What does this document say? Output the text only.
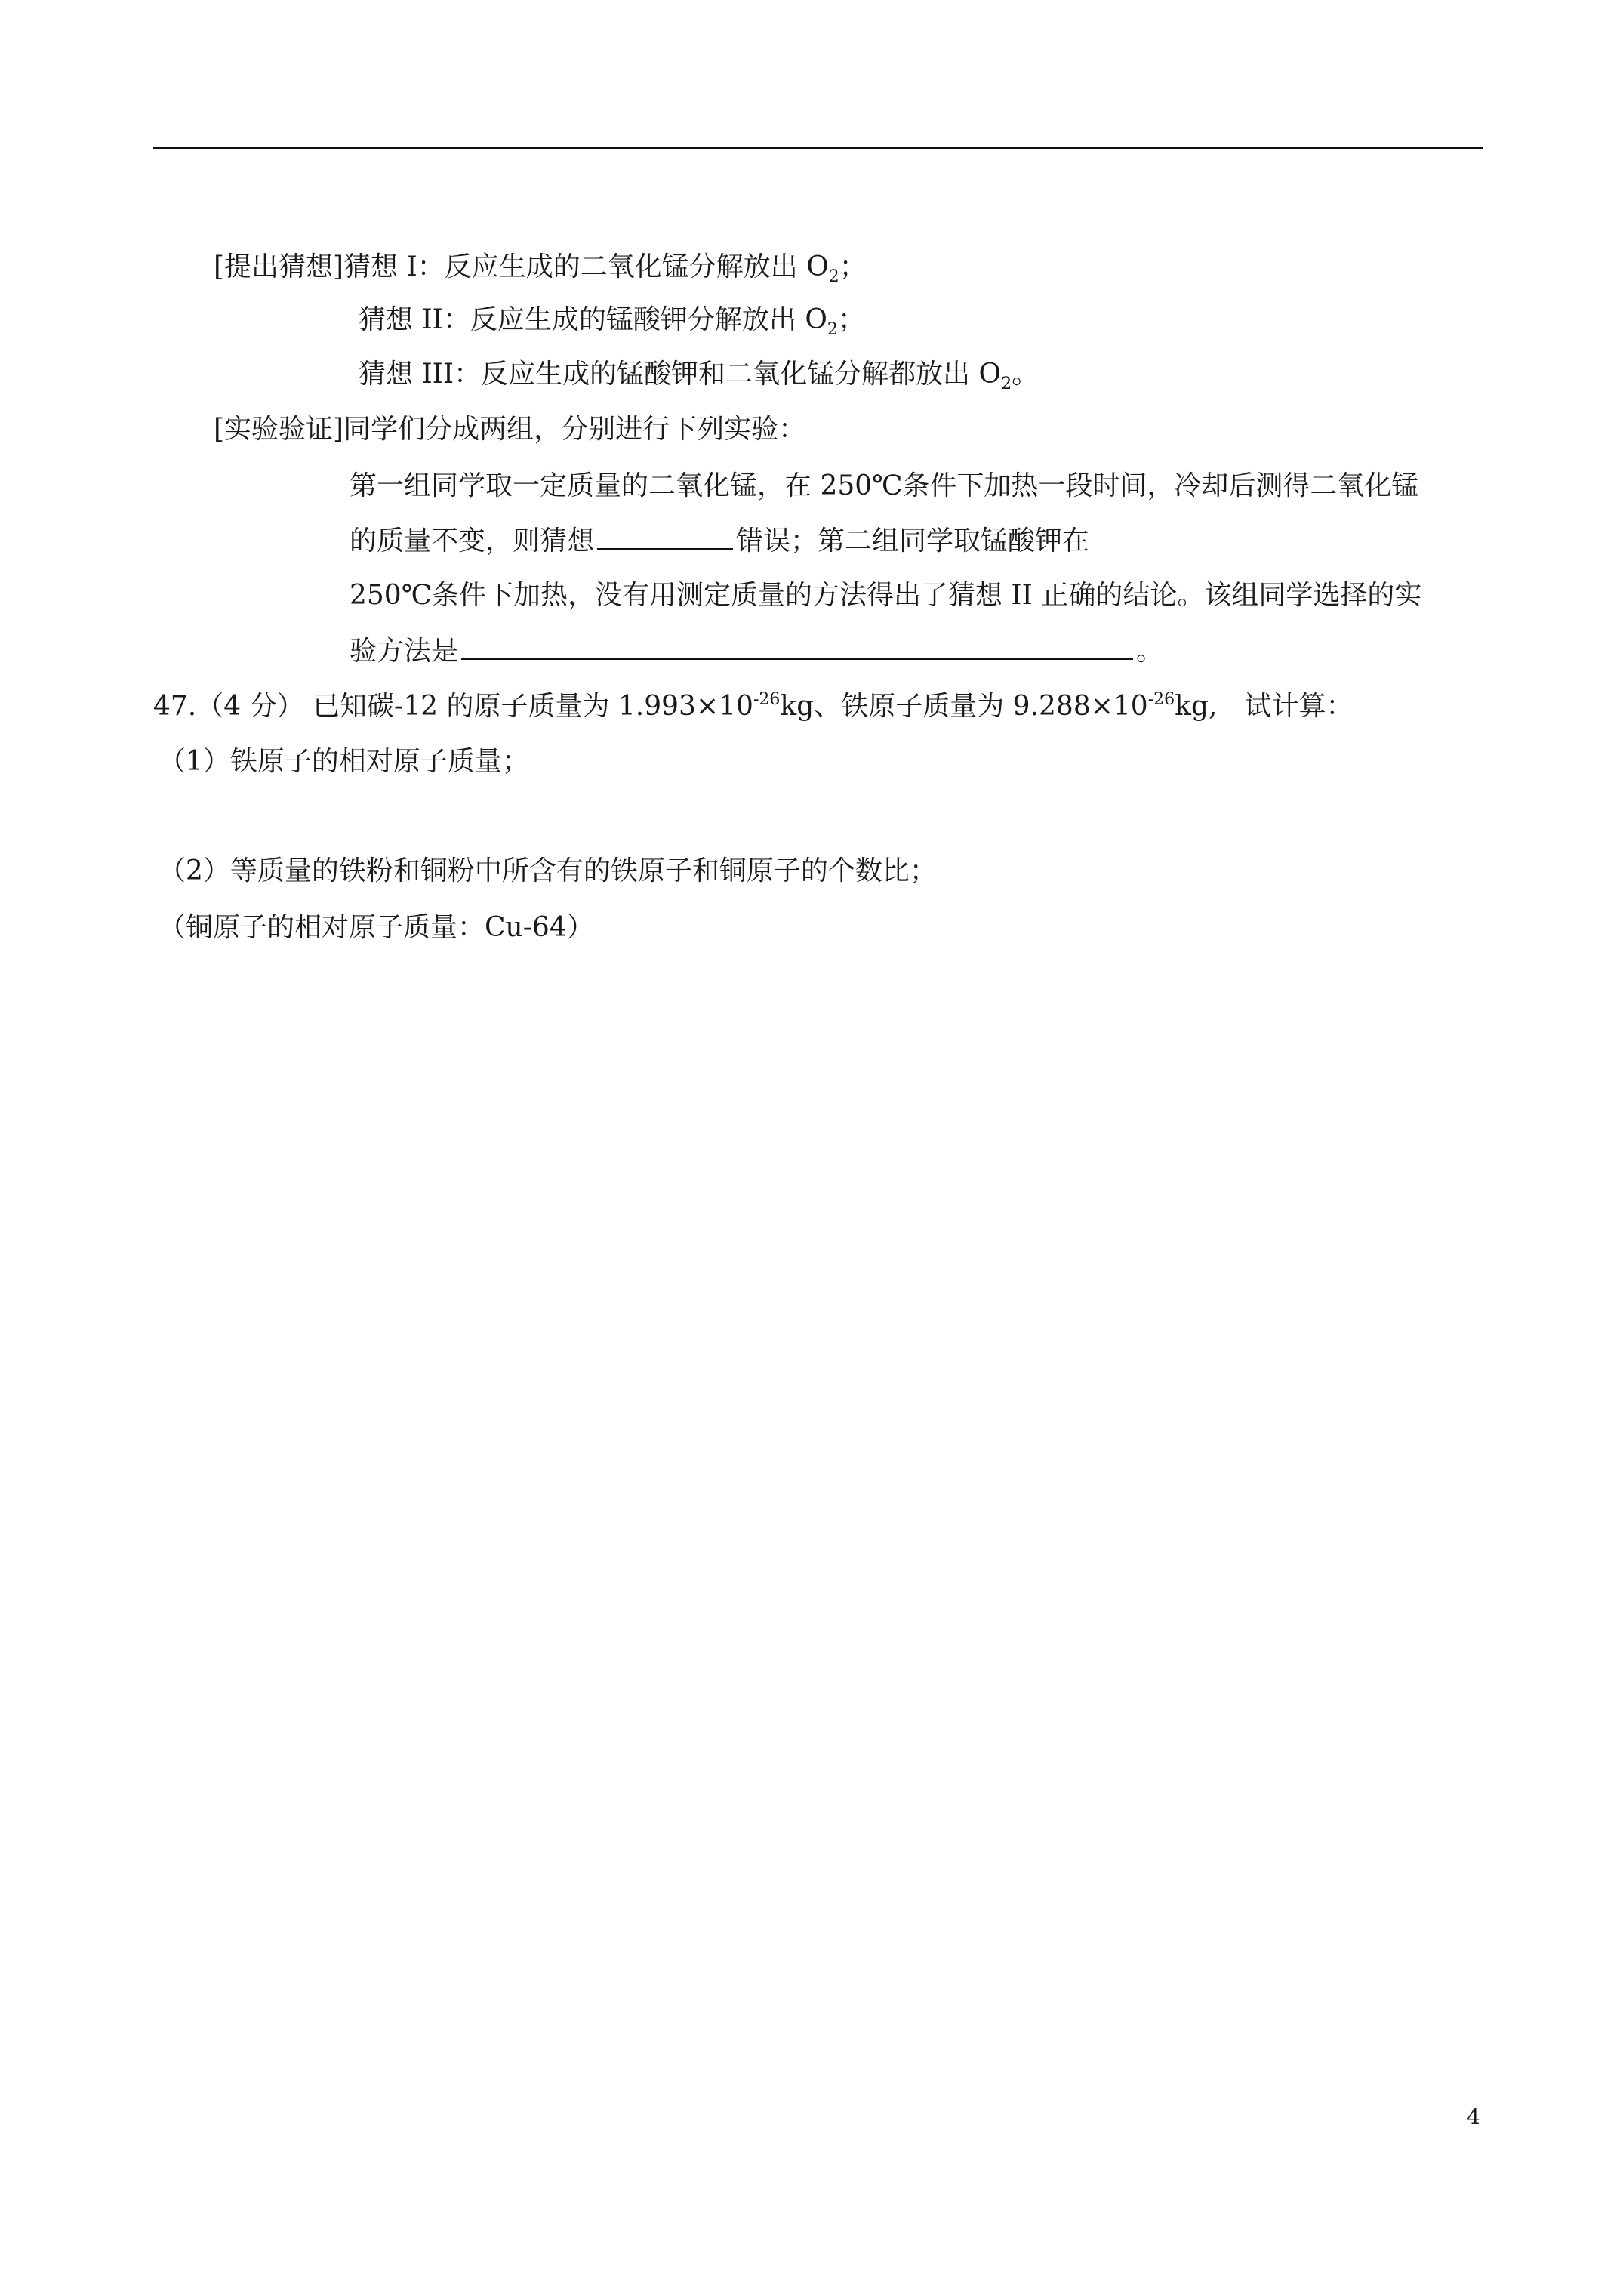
[提出猜想]猜想 I：反应生成的二氧化锰分解放出 $O_2$；
猜想 II：反应生成的锰酸钾分解放出 $O_2$；
猜想 III：反应生成的锰酸钾和二氧化锰分解都放出 $O_2$。
[实验验证]同学们分成两组，分别进行下列实验：
第一组同学取一定质量的二氧化锰，在 250℃条件下加热一段时间，冷却后测得二氧化锰
的质量不变，则猜想	错误；第二组同学取锰酸钾在
250℃条件下加热，没有用测定质量的方法得出了猜想 II 正确的结论。该组同学选择的实
验方法是	。
47.（4 分） 已知碳-12 的原子质量为 $1.993\times 10^{-26}kg$、铁原子质量为 $9.288\times 10^{-26}kg$,　试计算：
（1）铁原子的相对原子质量；
（2）等质量的铁粉和铜粉中所含有的铁原子和铜原子的个数比；
（铜原子的相对原子质量：Cu-64）
4
